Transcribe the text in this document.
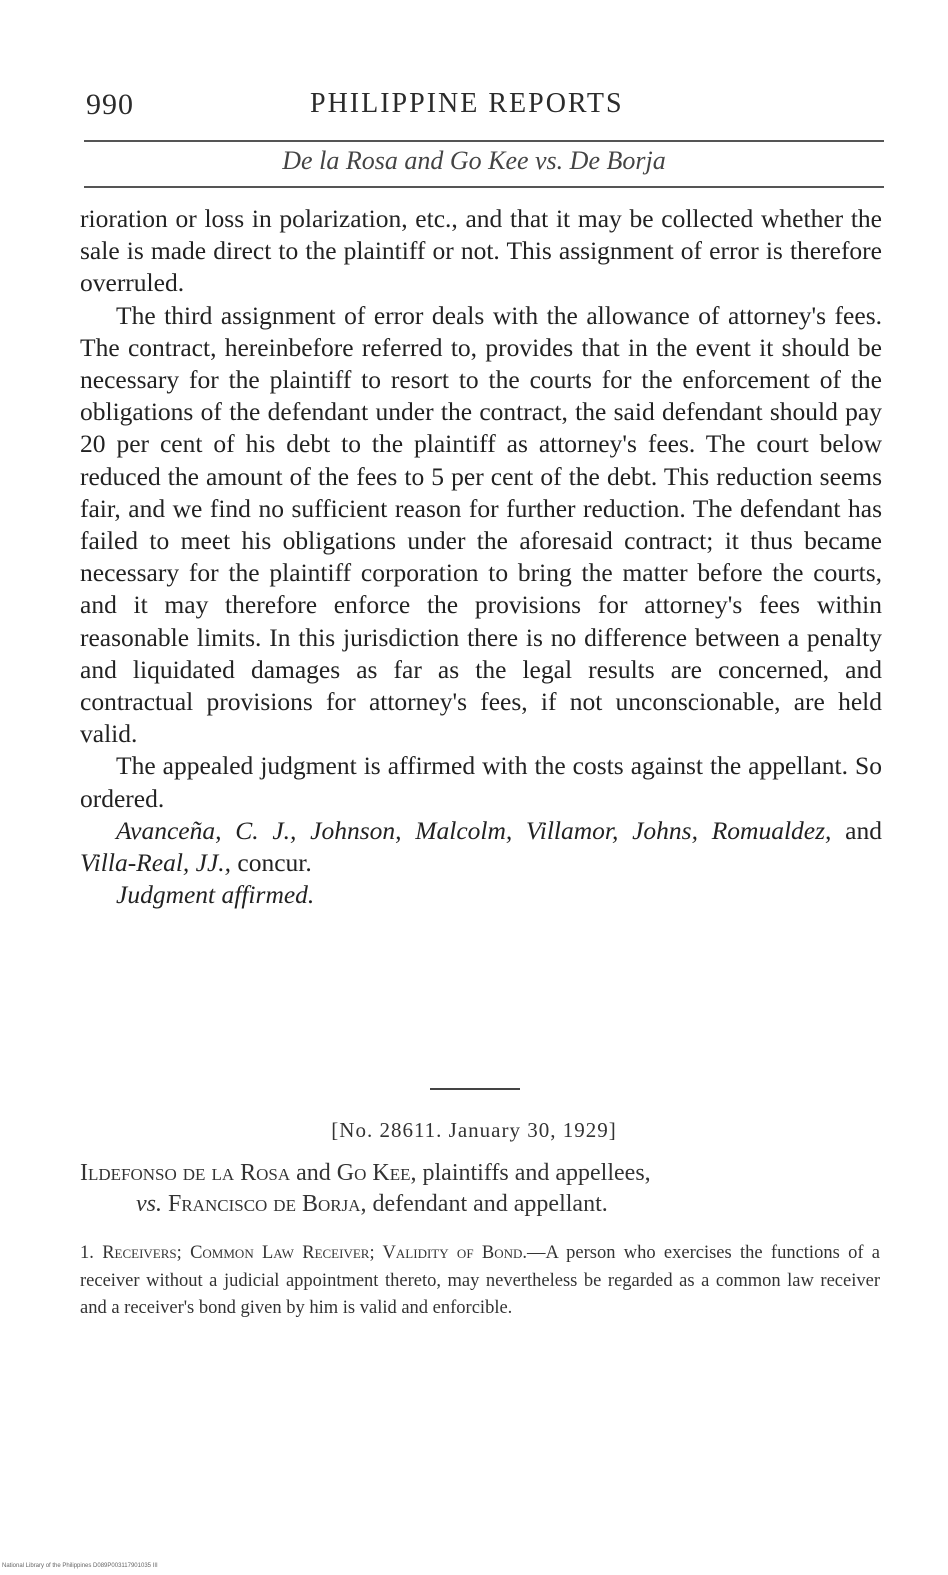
990	PHILIPPINE REPORTS
De la Rosa and Go Kee vs. De Borja

rioration or loss in polarization, etc., and that it may be collected whether the sale is made direct to the plaintiff or not. This assignment of error is therefore overruled.

The third assignment of error deals with the allowance of attorney's fees. The contract, hereinbefore referred to, provides that in the event it should be necessary for the plaintiff to resort to the courts for the enforcement of the obligations of the defendant under the contract, the said defendant should pay 20 per cent of his debt to the plaintiff as attorney's fees. The court below reduced the amount of the fees to 5 per cent of the debt. This reduction seems fair, and we find no sufficient reason for further reduction. The defendant has failed to meet his obligations under the aforesaid contract; it thus became necessary for the plaintiff corporation to bring the matter before the courts, and it may therefore enforce the provisions for attorney's fees within reasonable limits. In this jurisdiction there is no difference between a penalty and liquidated damages as far as the legal results are concerned, and contractual provisions for attorney's fees, if not unconscionable, are held valid.

The appealed judgment is affirmed with the costs against the appellant. So ordered.

Avanceña, C. J., Johnson, Malcolm, Villamor, Johns, Romualdez, and Villa-Real, JJ., concur.

Judgment affirmed.

[No. 28611. January 30, 1929]
Ildefonso de la Rosa and Go Kee, plaintiffs and appellees,
vs. Francisco de Borja, defendant and appellant.
1. Receivers; Common Law Receiver; Validity of Bond.—A person who exercises the functions of a receiver without a judicial appointment thereto, may nevertheless be regarded as a common law receiver and a receiver's bond given by him is valid and enforcible.
National Library of the Philippines D089P003117901035 III
